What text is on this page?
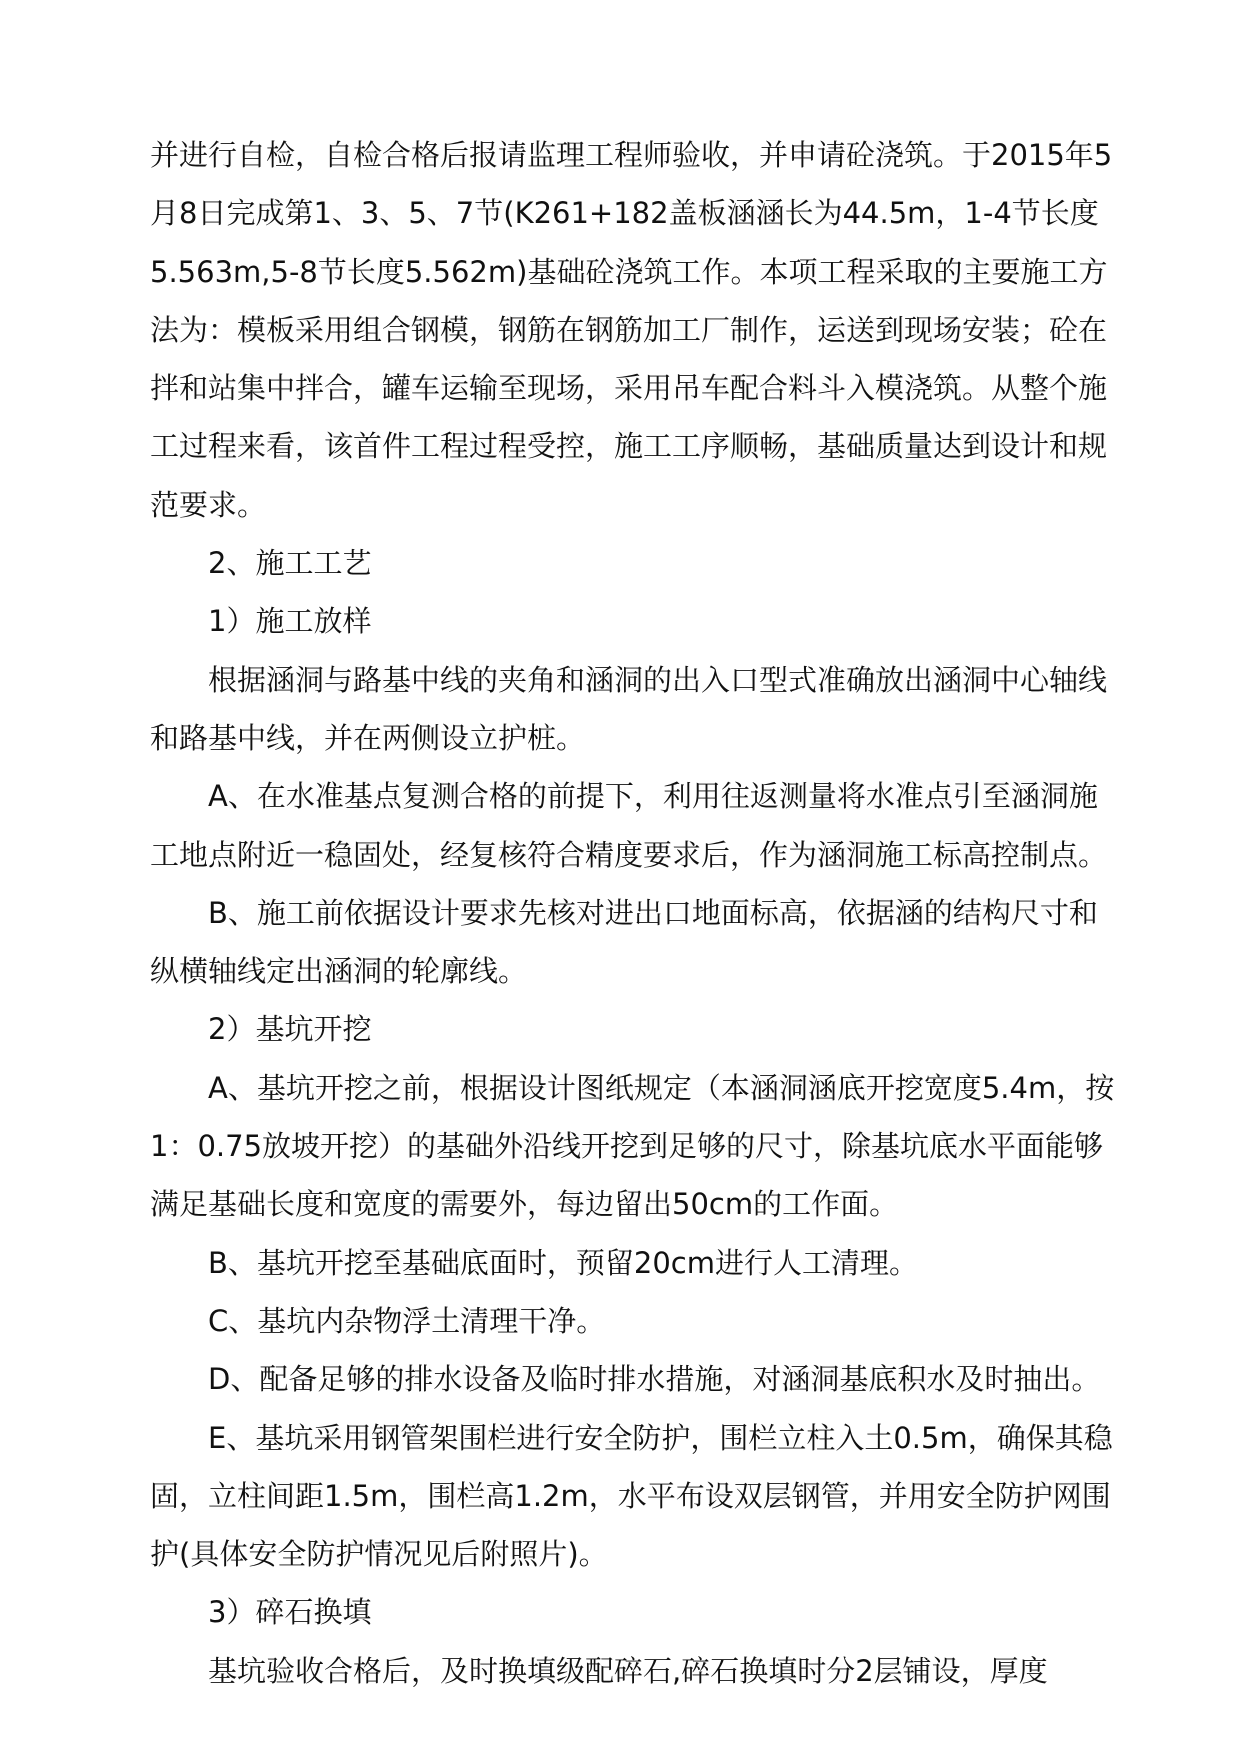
并进行自检，自检合格后报请监理工程师验收，并申请砼浇筑。于2015年5月8日完成第1、3、5、7节(K261+182盖板涵涵长为44.5m，1-4节长度5.563m,5-8节长度5.562m)基础砼浇筑工作。本项工程采取的主要施工方法为：模板采用组合钢模，钢筋在钢筋加工厂制作，运送到现场安装；砼在拌和站集中拌合，罐车运输至现场，采用吊车配合料斗入模浇筑。从整个施工过程来看，该首件工程过程受控，施工工序顺畅，基础质量达到设计和规范要求。

2、施工工艺

1）施工放样

根据涵洞与路基中线的夹角和涵洞的出入口型式准确放出涵洞中心轴线和路基中线，并在两侧设立护桩。

A、在水准基点复测合格的前提下，利用往返测量将水准点引至涵洞施工地点附近一稳固处，经复核符合精度要求后，作为涵洞施工标高控制点。

B、施工前依据设计要求先核对进出口地面标高，依据涵的结构尺寸和纵横轴线定出涵洞的轮廓线。

2）基坑开挖

A、基坑开挖之前，根据设计图纸规定（本涵洞涵底开挖宽度5.4m，按1：0.75放坡开挖）的基础外沿线开挖到足够的尺寸，除基坑底水平面能够满足基础长度和宽度的需要外，每边留出50cm的工作面。

B、基坑开挖至基础底面时，预留20cm进行人工清理。

C、基坑内杂物浮土清理干净。

D、配备足够的排水设备及临时排水措施，对涵洞基底积水及时抽出。

E、基坑采用钢管架围栏进行安全防护，围栏立柱入土0.5m，确保其稳固，立柱间距1.5m，围栏高1.2m，水平布设双层钢管，并用安全防护网围护(具体安全防护情况见后附照片)。

3）碎石换填

基坑验收合格后，及时换填级配碎石,碎石换填时分2层铺设，厚度
